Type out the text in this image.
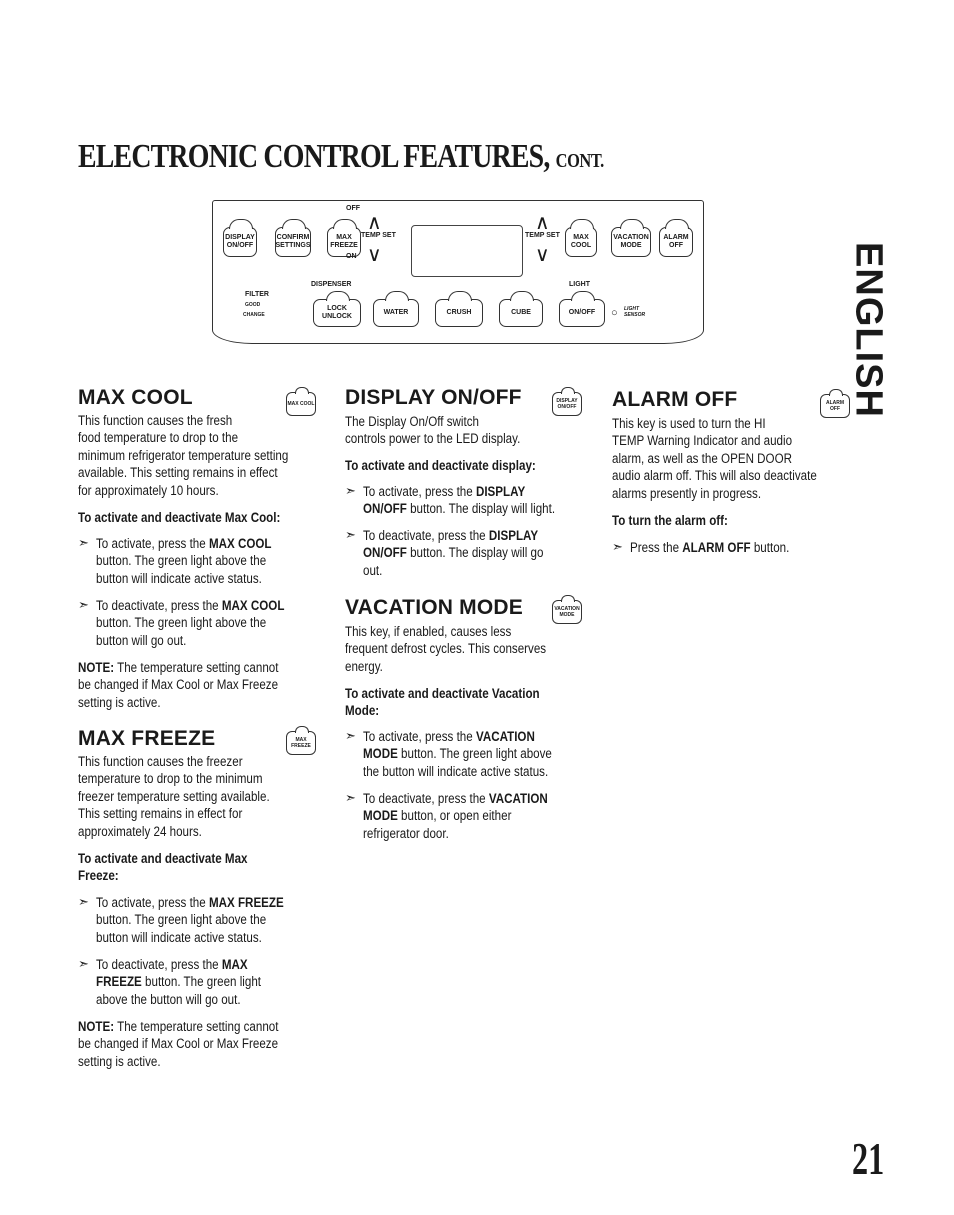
ELECTRONIC CONTROL FEATURES, CONT.
ENGLISH
DISPLAY ON/OFF
CONFIRM SETTINGS
MAX FREEZE
OFF
∧
TEMP SET
∨
ON
∧
TEMP SET
∨
MAX COOL
VACATION MODE
ALARM OFF
FILTER
GOOD
CHANGE
DISPENSER	LIGHT
LOCK UNLOCK
WATER	CRUSH	CUBE	ON/OFF ○ LIGHT SENSOR
MAX COOL	MAX COOL
This function causes the fresh
food temperature to drop to the
minimum refrigerator temperature setting
available. This setting remains in effect
for approximately 10 hours.
To activate and deactivate Max Cool:
➣ To activate, press the MAX COOL
button. The green light above the
button will indicate active status.
➣ To deactivate, press the MAX COOL
button. The green light above the
button will go out.
NOTE: The temperature setting cannot
be changed if Max Cool or Max Freeze
setting is active.
MAX FREEZE	MAX FREEZE
This function causes the freezer
temperature to drop to the minimum
freezer temperature setting available.
This setting remains in effect for
approximately 24 hours.
To activate and deactivate Max
Freeze:
➣ To activate, press the MAX FREEZE
button. The green light above the
button will indicate active status.
➣ To deactivate, press the MAX
FREEZE button. The green light
above the button will go out.
NOTE: The temperature setting cannot
be changed if Max Cool or Max Freeze
setting is active.
DISPLAY ON/OFF	DISPLAY ON/OFF
The Display On/Off switch
controls power to the LED display.
To activate and deactivate display:
➣ To activate, press the DISPLAY
ON/OFF button. The display will light.
➣ To deactivate, press the DISPLAY
ON/OFF button. The display will go
out.
VACATION MODE	VACATION MODE
This key, if enabled, causes less
frequent defrost cycles. This conserves
energy.
To activate and deactivate Vacation
Mode:
➣ To activate, press the VACATION
MODE button. The green light above
the button will indicate active status.
➣ To deactivate, press the VACATION
MODE button, or open either
refrigerator door.
ALARM OFF	ALARM OFF
This key is used to turn the HI
TEMP Warning Indicator and audio
alarm, as well as the OPEN DOOR
audio alarm off. This will also deactivate
alarms presently in progress.
To turn the alarm off:
➣ Press the ALARM OFF button.
21
